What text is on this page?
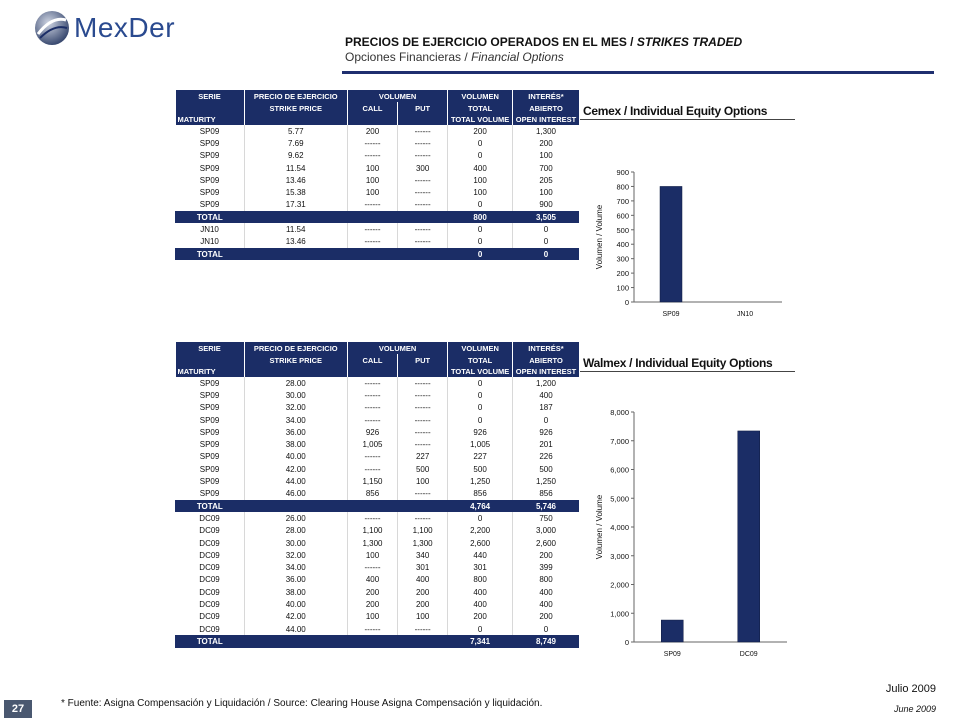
MexDer	PRECIOS DE EJERCICIO OPERADOS EN EL MES / STRIKES TRADED
Opciones Financieras / Financial Options
SERIE	PRECIO DE EJERCICIO	VOLUMEN		VOLUMEN	INTERÉS*
	STRIKE PRICE	CALL	PUT	TOTAL	ABIERTO
MATURITY				TOTAL VOLUME	OPEN INTEREST
SP09	5.77	200	------	200	1,300
SP09	7.69	------	------	0	200
SP09	9.62	------	------	0	100
SP09	11.54	100	300	400	700
SP09	13.46	100	------	100	205
SP09	15.38	100	------	100	100
SP09	17.31	------	------	0	900
TOTAL				800	3,505
JN10	11.54	------	------	0	0
JN10	13.46	------	------	0	0
TOTAL				0	0
Cemex / Individual Equity Options
Volumen / Volume
0
100
200
300
400
500
600
700
800
900
SP09	JN10
SERIE	PRECIO DE EJERCICIO	VOLUMEN		VOLUMEN	INTERÉS*
	STRIKE PRICE	CALL	PUT	TOTAL	ABIERTO
MATURITY				TOTAL VOLUME	OPEN INTEREST
SP09	28.00	------	------	0	1,200
SP09	30.00	------	------	0	400
SP09	32.00	------	------	0	187
SP09	34.00	------	------	0	0
SP09	36.00	926	------	926	926
SP09	38.00	1,005	------	1,005	201
SP09	40.00	------	227	227	226
SP09	42.00	------	500	500	500
SP09	44.00	1,150	100	1,250	1,250
SP09	46.00	856	------	856	856
TOTAL				4,764	5,746
DC09	26.00	------	------	0	750
DC09	28.00	1,100	1,100	2,200	3,000
DC09	30.00	1,300	1,300	2,600	2,600
DC09	32.00	100	340	440	200
DC09	34.00	------	301	301	399
DC09	36.00	400	400	800	800
DC09	38.00	200	200	400	400
DC09	40.00	200	200	400	400
DC09	42.00	100	100	200	200
DC09	44.00	------	------	0	0
TOTAL				7,341	8,749
Walmex / Individual Equity Options
Volumen / Volume
0
1,000
2,000
3,000
4,000
5,000
6,000
7,000
8,000
SP09	DC09
27	* Fuente: Asigna Compensación y Liquidación / Source: Clearing House Asigna Compensación y liquidación.
Julio 2009
June 2009
